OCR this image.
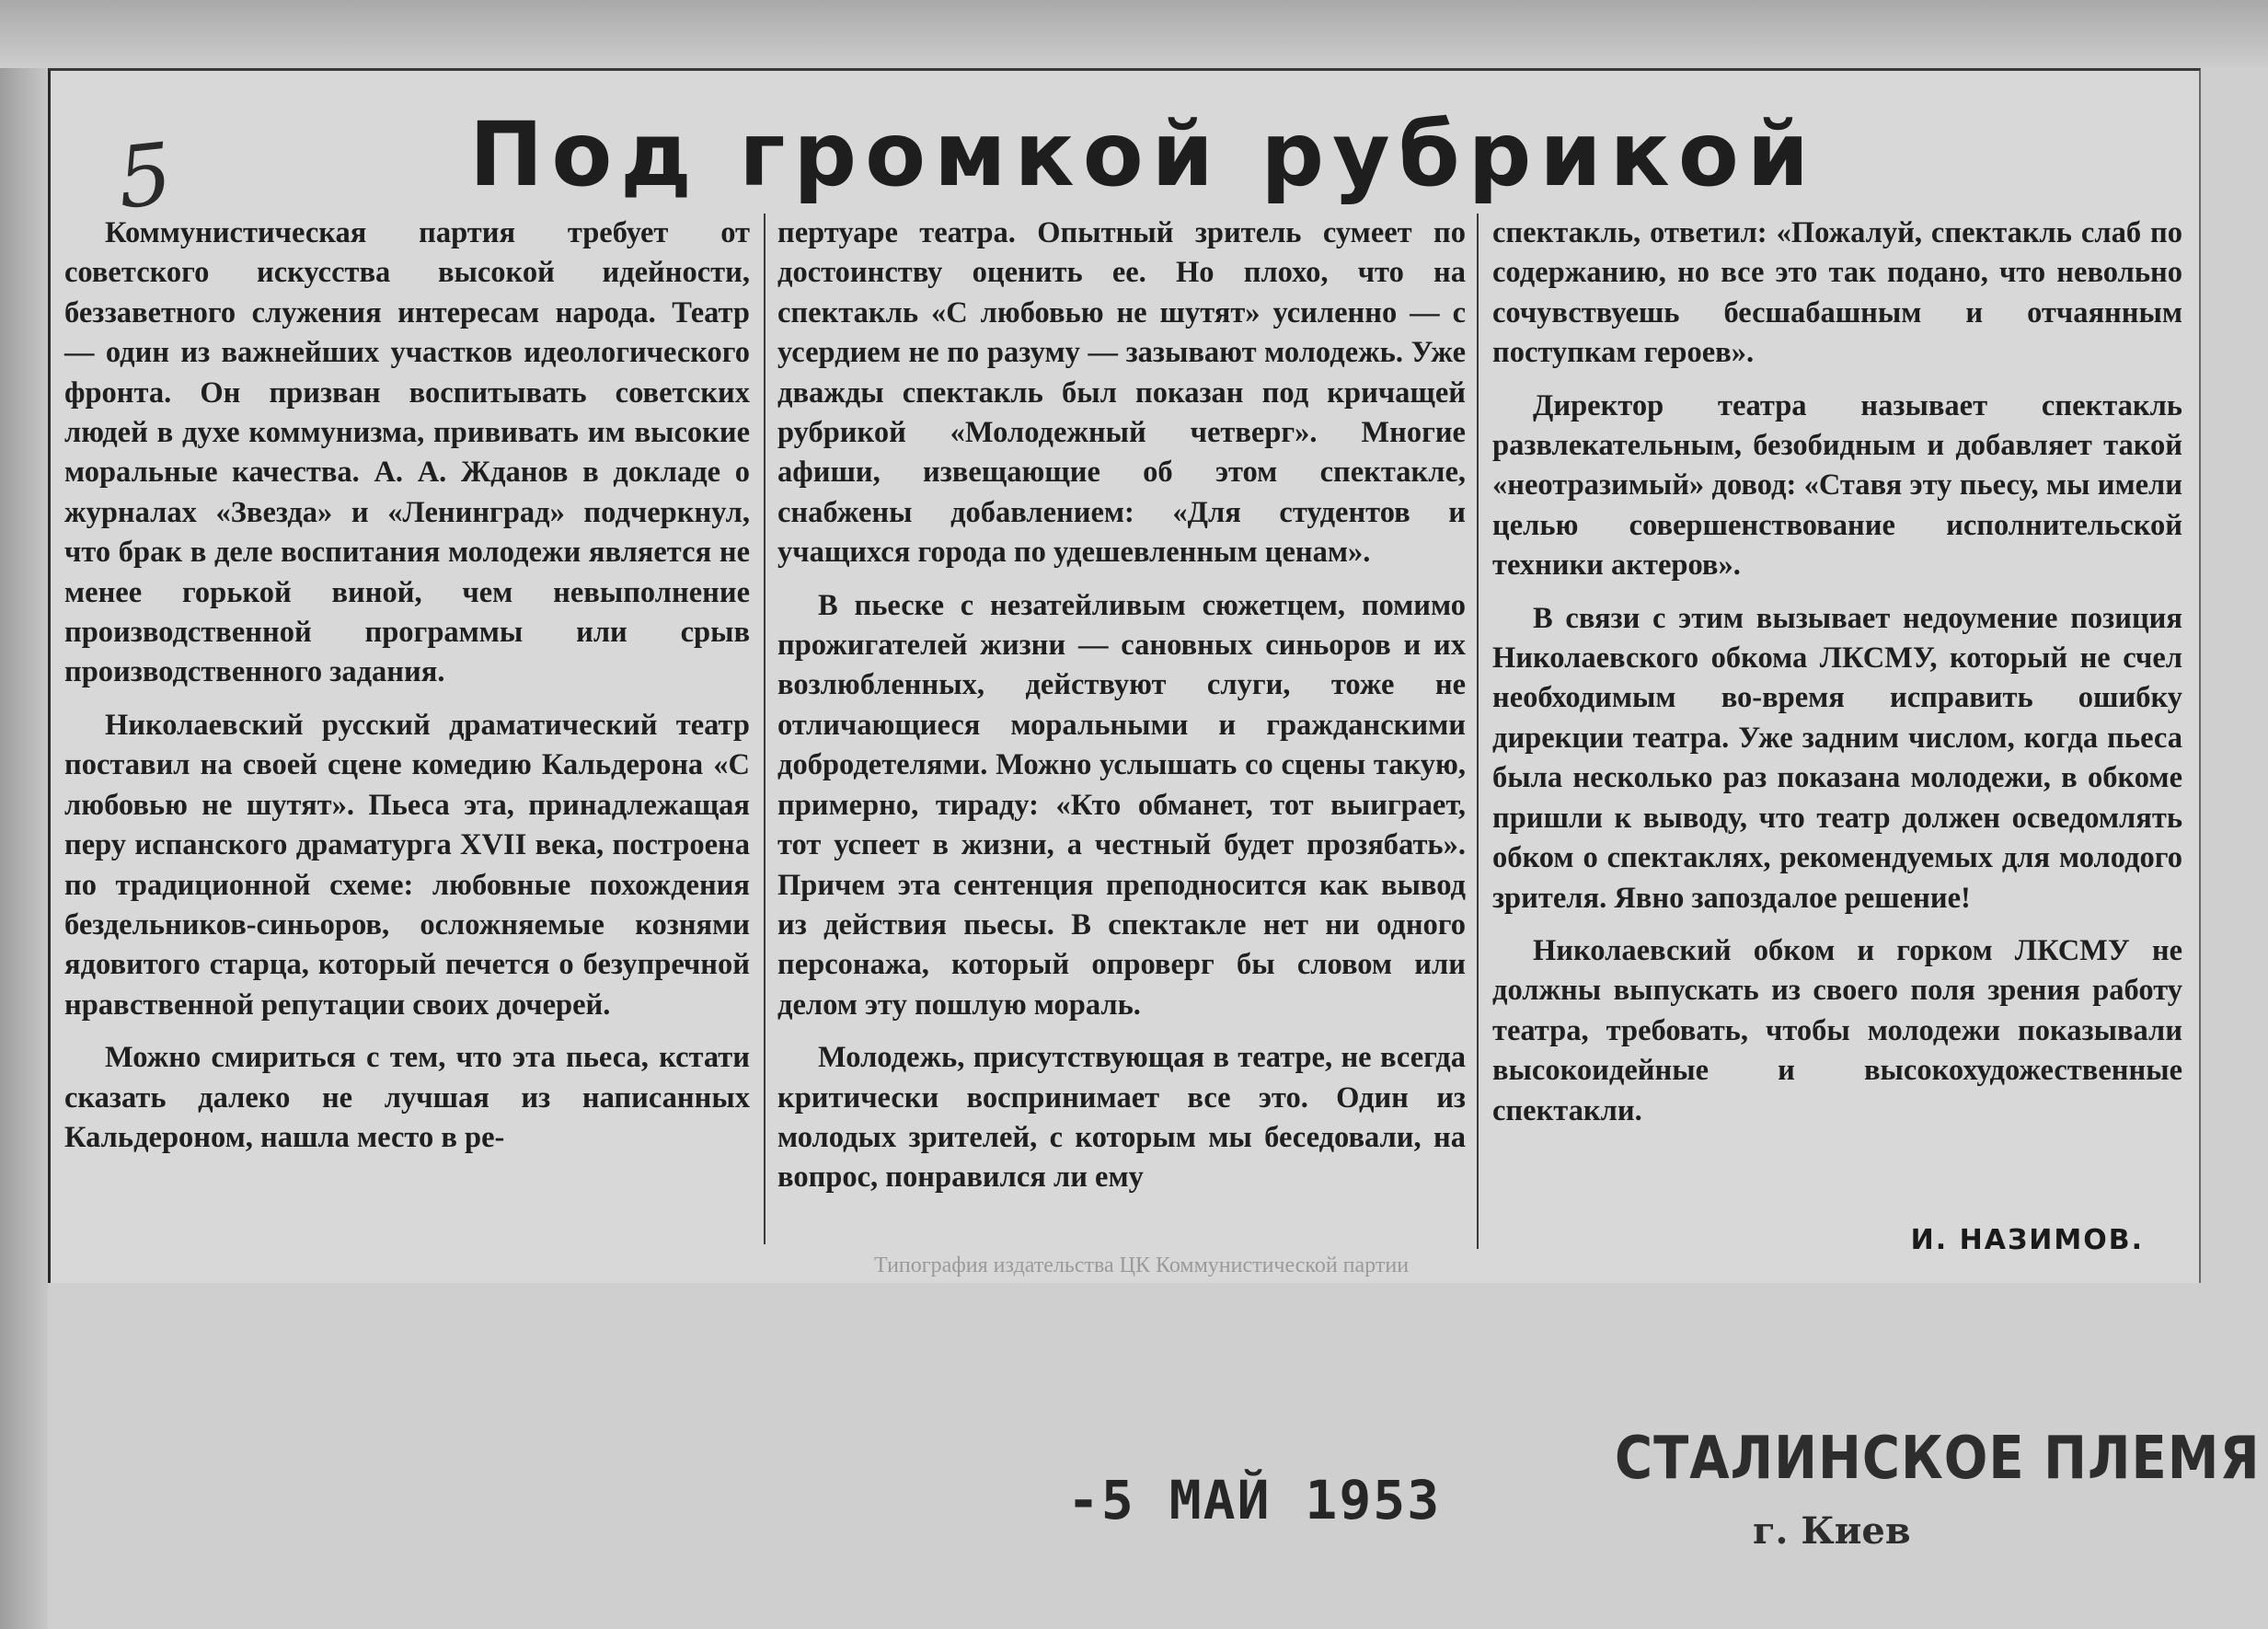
5	Под громкой рубрикой

Коммунистическая партия требует от советского искусства высокой идейности, беззаветного служения интересам народа. Театр — один из важнейших участков идеологического фронта. Он призван воспитывать советских людей в духе коммунизма, прививать им высокие моральные качества. А. А. Жданов в докладе о журналах «Звезда» и «Ленинград» подчеркнул, что брак в деле воспитания молодежи является не менее горькой виной, чем невыполнение производственной программы или срыв производственного задания.

Николаевский русский драматический театр поставил на своей сцене комедию Кальдерона «С любовью не шутят». Пьеса эта, принадлежащая перу испанского драматурга XVII века, построена по традиционной схеме: любовные похождения бездельников-синьоров, осложняемые кознями ядовитого старца, который печется о безупречной нравственной репутации своих дочерей.

Можно смириться с тем, что эта пьеса, кстати сказать далеко не лучшая из написанных Кальдероном, нашла место в ре-

пертуаре театра. Опытный зритель сумеет по достоинству оценить ее. Но плохо, что на спектакль «С любовью не шутят» усиленно — с усердием не по разуму — зазывают молодежь. Уже дважды спектакль был показан под кричащей рубрикой «Молодежный четверг». Многие афиши, извещающие об этом спектакле, снабжены добавлением: «Для студентов и учащихся города по удешевленным ценам».

В пьеске с незатейливым сюжетцем, помимо прожигателей жизни — сановных синьоров и их возлюбленных, действуют слуги, тоже не отличающиеся моральными и гражданскими добродетелями. Можно услышать со сцены такую, примерно, тираду: «Кто обманет, тот выиграет, тот успеет в жизни, а честный будет прозябать». Причем эта сентенция преподносится как вывод из действия пьесы. В спектакле нет ни одного персонажа, который опроверг бы словом или делом эту пошлую мораль.

Молодежь, присутствующая в театре, не всегда критически воспринимает все это. Один из молодых зрителей, с которым мы беседовали, на вопрос, понравился ли ему

спектакль, ответил: «Пожалуй, спектакль слаб по содержанию, но все это так подано, что невольно сочувствуешь бесшабашным и отчаянным поступкам героев».

Директор театра называет спектакль развлекательным, безобидным и добавляет такой «неотразимый» довод: «Ставя эту пьесу, мы имели целью совершенствование исполнительской техники актеров».

В связи с этим вызывает недоумение позиция Николаевского обкома ЛКСМУ, который не счел необходимым во-время исправить ошибку дирекции театра. Уже задним числом, когда пьеса была несколько раз показана молодежи, в обкоме пришли к выводу, что театр должен осведомлять обком о спектаклях, рекомендуемых для молодого зрителя. Явно запоздалое решение!

Николаевский обком и горком ЛКСМУ не должны выпускать из своего поля зрения работу театра, требовать, чтобы молодежи показывали высокоидейные и высокохудожественные спектакли.

И. НАЗИМОВ.
Типография издательства ЦК Коммунистической партии
-5 МАЙ 1953
СТАЛИНСКОЕ ПЛЕМЯ
г. Киев
